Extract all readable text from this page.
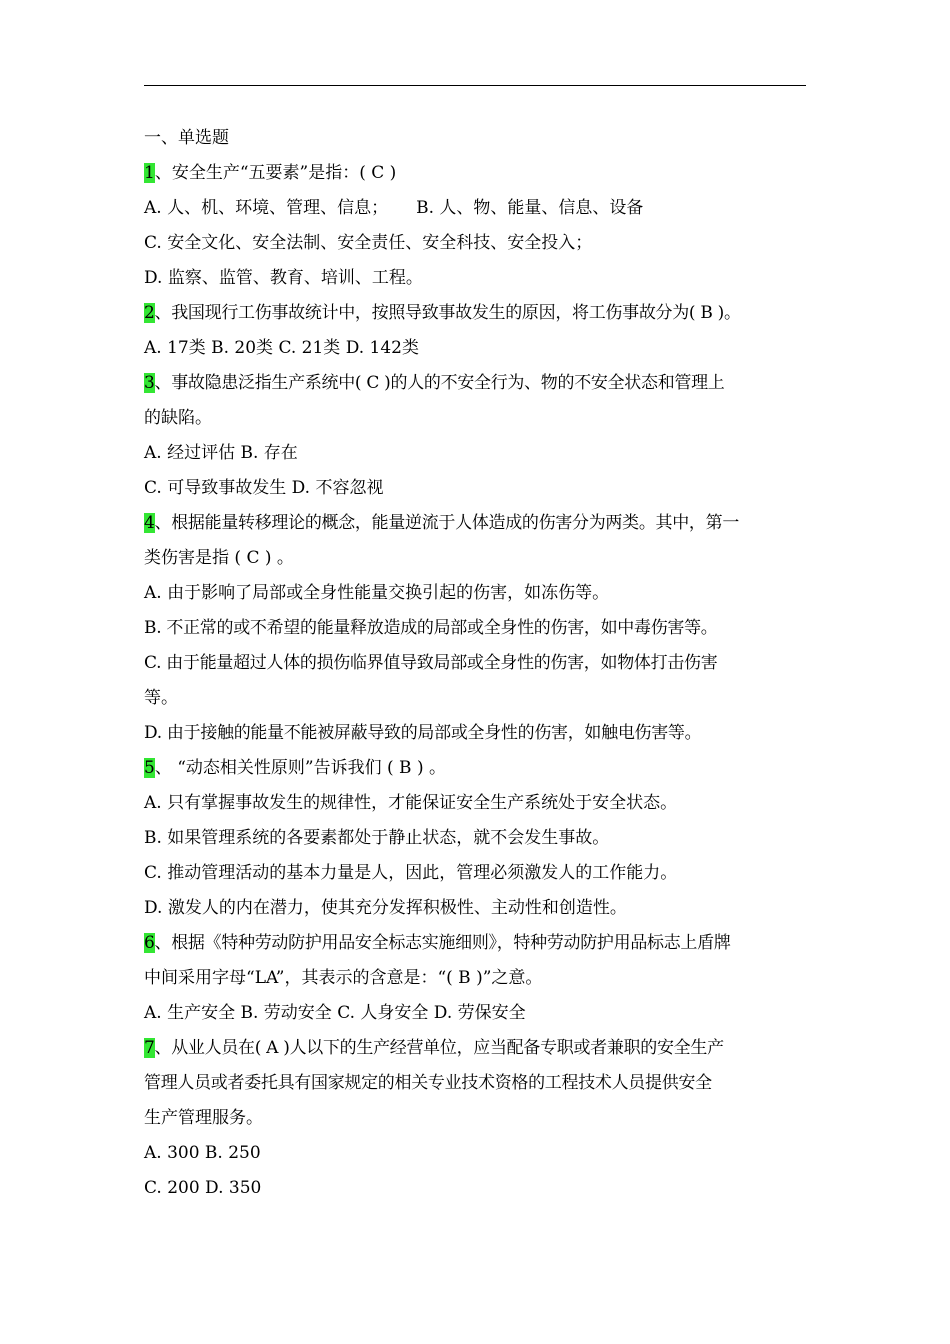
一、单选题
1、安全生产“五要素”是指：( C )
A. 人、机、环境、管理、信息； B. 人、物、能量、信息、设备
C. 安全文化、安全法制、安全责任、安全科技、安全投入；
D. 监察、监管、教育、培训、工程。
2、我国现行工伤事故统计中，按照导致事故发生的原因，将工伤事故分为( B )。
A. 17类 B. 20类 C. 21类 D. 142类
3、事故隐患泛指生产系统中( C )的人的不安全行为、物的不安全状态和管理上
的缺陷。
A. 经过评估 B. 存在
C. 可导致事故发生 D. 不容忽视
4、根据能量转移理论的概念，能量逆流于人体造成的伤害分为两类。其中，第一
类伤害是指 ( C ) 。
A. 由于影响了局部或全身性能量交换引起的伤害，如冻伤等。
B. 不正常的或不希望的能量释放造成的局部或全身性的伤害，如中毒伤害等。
C. 由于能量超过人体的损伤临界值导致局部或全身性的伤害，如物体打击伤害
等。
D. 由于接触的能量不能被屏蔽导致的局部或全身性的伤害，如触电伤害等。
5、 “动态相关性原则”告诉我们 ( B ) 。
A. 只有掌握事故发生的规律性，才能保证安全生产系统处于安全状态。
B. 如果管理系统的各要素都处于静止状态，就不会发生事故。
C. 推动管理活动的基本力量是人，因此，管理必须激发人的工作能力。
D. 激发人的内在潜力，使其充分发挥积极性、主动性和创造性。
6、根据《特种劳动防护用品安全标志实施细则》，特种劳动防护用品标志上盾牌
中间采用字母“LA”，其表示的含意是：“( B )”之意。
A. 生产安全 B. 劳动安全 C. 人身安全 D. 劳保安全
7、从业人员在( A )人以下的生产经营单位，应当配备专职或者兼职的安全生产
管理人员或者委托具有国家规定的相关专业技术资格的工程技术人员提供安全
生产管理服务。
A. 300 B. 250
C. 200 D. 350
